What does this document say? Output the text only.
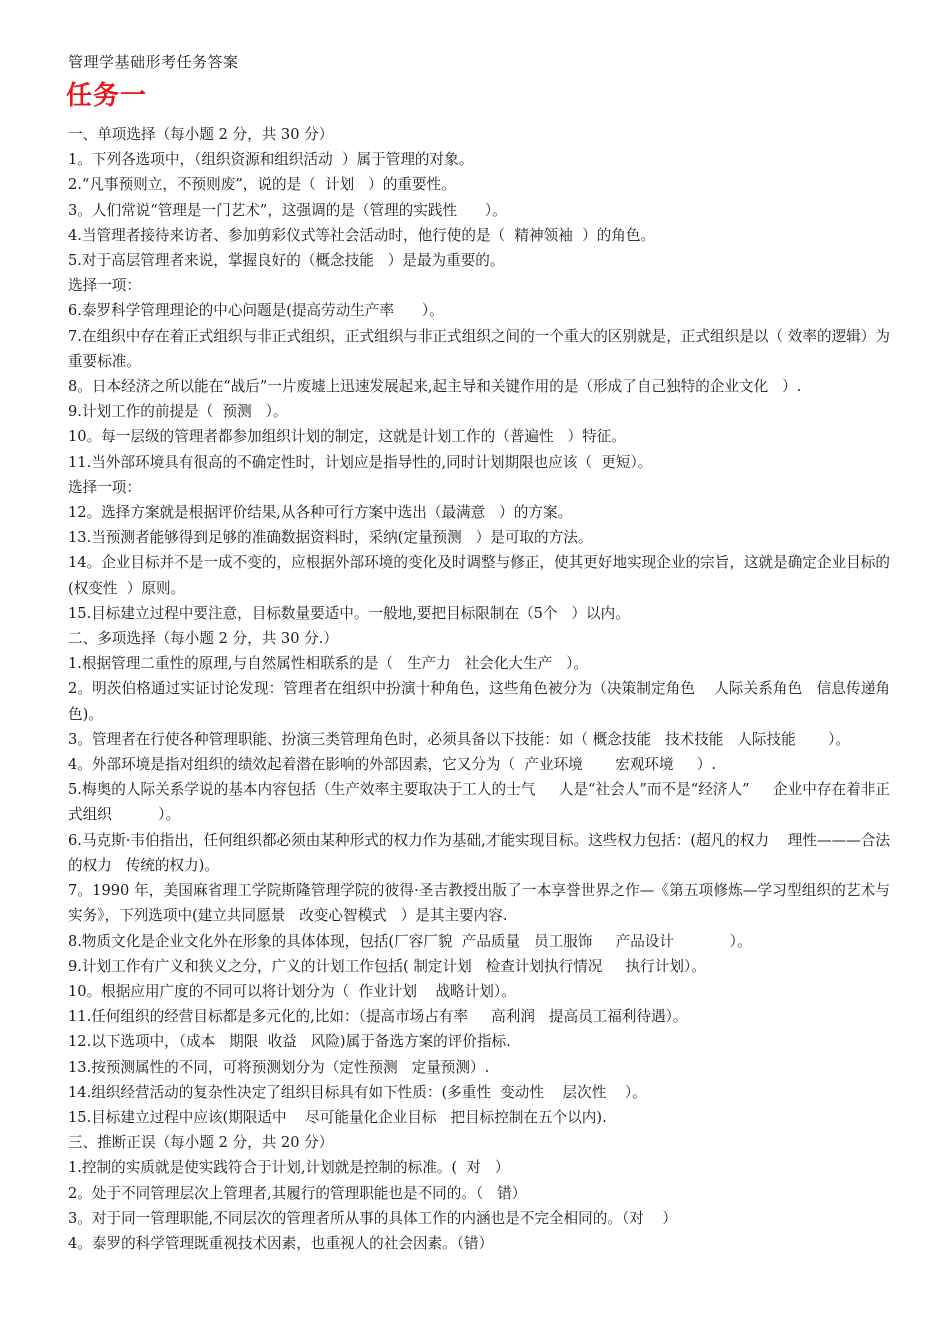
管理学基础形考任务答案

任务一

一、单项选择（每小题 2 分，共 30 分）

1。下列各选项中，（组织资源和组织活动  ）属于管理的对象。

2.“凡事预则立，不预则废”，说的是（  计划   ）的重要性。

3。人们常说“管理是一门艺术”，这强调的是（管理的实践性      ）。

4.当管理者接待来访者、参加剪彩仪式等社会活动时，他行使的是（  精神领袖  ）的角色。

5.对于高层管理者来说，掌握良好的（概念技能   ）是最为重要的。

选择一项：

6.泰罗科学管理理论的中心问题是(提高劳动生产率      ）。

7.在组织中存在着正式组织与非正式组织，正式组织与非正式组织之间的一个重大的区别就是，正式组织是以（ 效率的逻辑）为重要标准。

8。日本经济之所以能在“战后”一片废墟上迅速发展起来,起主导和关键作用的是（形成了自己独特的企业文化   ）.

9.计划工作的前提是（  预测   ）。

10。每一层级的管理者都参加组织计划的制定，这就是计划工作的（普遍性   ）特征。

11.当外部环境具有很高的不确定性时，计划应是指导性的,同时计划期限也应该（  更短）。

选择一项：

12。选择方案就是根据评价结果,从各种可行方案中选出（最满意   ）的方案。

13.当预测者能够得到足够的准确数据资料时，采纳(定量预测   ）是可取的方法。

14。企业目标并不是一成不变的，应根据外部环境的变化及时调整与修正，使其更好地实现企业的宗旨，这就是确定企业目标的(权变性  ）原则。

15.目标建立过程中要注意，目标数量要适中。一般地,要把目标限制在（5个   ）以内。

二、多项选择（每小题 2 分，共 30 分.）

1.根据管理二重性的原理,与自然属性相联系的是（   生产力   社会化大生产   ）。

2。明茨伯格通过实证讨论发现：管理者在组织中扮演十种角色，这些角色被分为（决策制定角色    人际关系角色   信息传递角色)。

3。管理者在行使各种管理职能、扮演三类管理角色时，必须具备以下技能：如（ 概念技能   技术技能   人际技能       ）。

4。外部环境是指对组织的绩效起着潜在影响的外部因素，它又分为（  产业环境       宏观环境     ）.

5.梅奥的人际关系学说的基本内容包括（生产效率主要取决于工人的士气     人是“社会人”而不是“经济人”     企业中存在着非正式组织          ）。

6.马克斯·韦伯指出，任何组织都必须由某种形式的权力作为基础,才能实现目标。这些权力包括：(超凡的权力    理性———合法的权力   传统的权力)。

7。1990 年，美国麻省理工学院斯隆管理学院的彼得·圣吉教授出版了一本享誉世界之作—《第五项修炼—学习型组织的艺术与实务》，下列选项中(建立共同愿景   改变心智模式   ）是其主要内容.

8.物质文化是企业文化外在形象的具体体现，包括(厂容厂貌  产品质量   员工服饰     产品设计            ）。

9.计划工作有广义和狭义之分，广义的计划工作包括( 制定计划   检查计划执行情况     执行计划）。

10。根据应用广度的不同可以将计划分为（  作业计划    战略计划）。

11.任何组织的经营目标都是多元化的,比如：（提高市场占有率     高利润   提高员工福利待遇）。

12.以下选项中，（成本   期限  收益   风险)属于备选方案的评价指标.

13.按预测属性的不同，可将预测划分为（定性预测   定量预测）.

14.组织经营活动的复杂性决定了组织目标具有如下性质：(多重性  变动性    层次性    ）。

15.目标建立过程中应该(期限适中    尽可能量化企业目标   把目标控制在五个以内).

三、推断正误（每小题 2 分，共 20 分）

1.控制的实质就是使实践符合于计划,计划就是控制的标准。(  对   ）

2。处于不同管理层次上管理者,其履行的管理职能也是不同的。（   错）

3。对于同一管理职能,不同层次的管理者所从事的具体工作的内涵也是不完全相同的。（对    ）

4。泰罗的科学管理既重视技术因素，也重视人的社会因素。（错）
